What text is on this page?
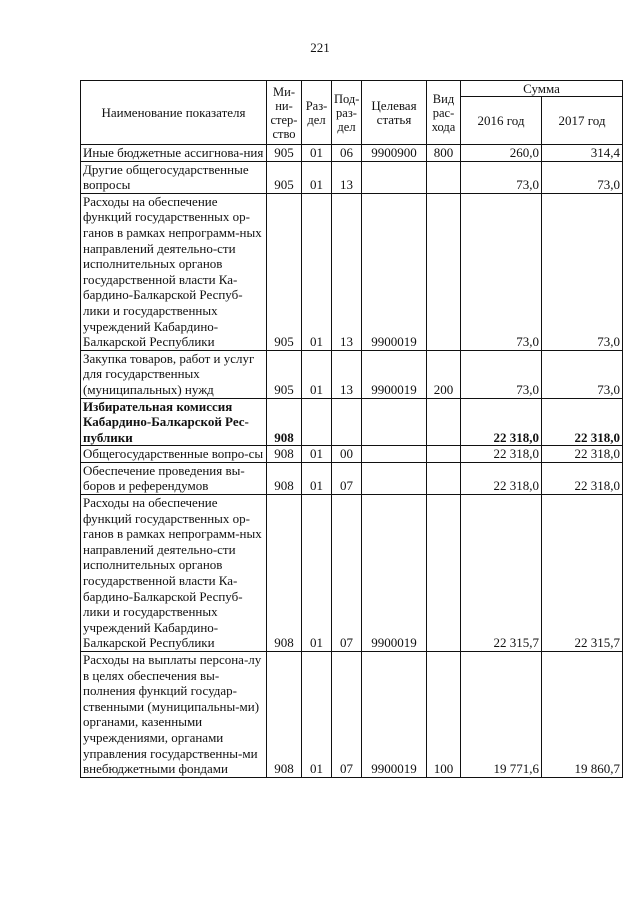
221
Наименование показателя	Ми-ни-стер-ство	Раз-дел	Под-раз-дел	Целевая статья	Вид рас-хода	Сумма	
						2016 год	2017 год
Иные бюджетные ассигнова-ния	905	01	06	9900900	800	260,0	314,4
Другие общегосударственные вопросы	905	01	13			73,0	73,0
Расходы на обеспечение функций государственных ор-ганов в рамках непрограмм-ных направлений деятельно-сти исполнительных органов государственной власти Ка-бардино-Балкарской Респуб-лики и государственных учреждений Кабардино-Балкарской Республики	905	01	13	9900019		73,0	73,0
Закупка товаров, работ и услуг для государственных (муниципальных) нужд	905	01	13	9900019	200	73,0	73,0
Избирательная комиссия Кабардино-Балкарской Рес-публики	908					22 318,0	22 318,0
Общегосударственные вопро-сы	908	01	00			22 318,0	22 318,0
Обеспечение проведения вы-боров и референдумов	908	01	07			22 318,0	22 318,0
Расходы на обеспечение функций государственных ор-ганов в рамках непрограмм-ных направлений деятельно-сти исполнительных органов государственной власти Ка-бардино-Балкарской Респуб-лики и государственных учреждений Кабардино-Балкарской Республики	908	01	07	9900019		22 315,7	22 315,7
Расходы на выплаты персона-лу в целях обеспечения вы-полнения функций государ-ственными (муниципальны-ми) органами, казенными учреждениями, органами управления государственны-ми внебюджетными фондами	908	01	07	9900019	100	19 771,6	19 860,7
